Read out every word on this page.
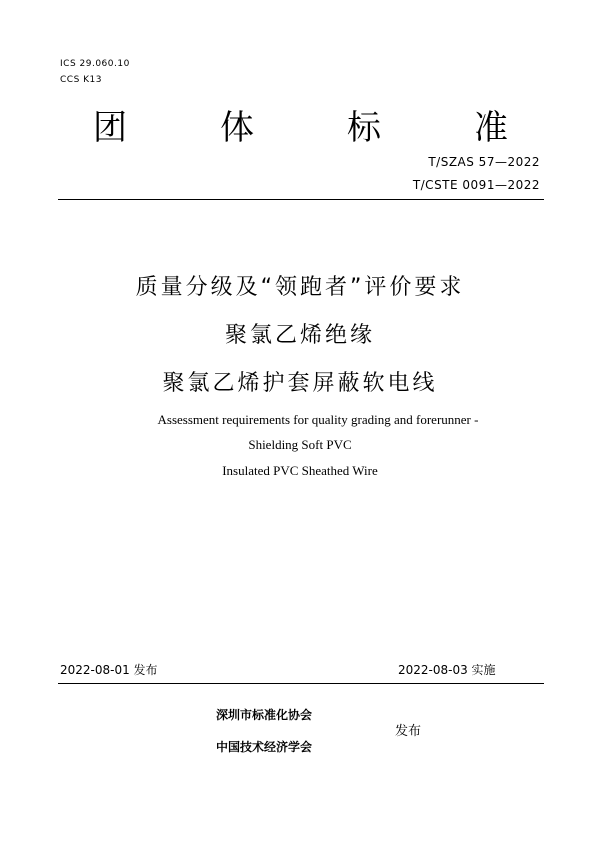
ICS 29.060.10
CCS K13
团	体	标	准
T/SZAS 57—2022
T/CSTE 0091—2022
质量分级及“领跑者”评价要求
聚氯乙烯绝缘
聚氯乙烯护套屏蔽软电线
Assessment requirements for quality grading and forerunner -
Shielding Soft PVC
Insulated PVC Sheathed Wire
2022-08-01 发布	2022-08-03 实施
深圳市标准化协会
中国技术经济学会
发布
